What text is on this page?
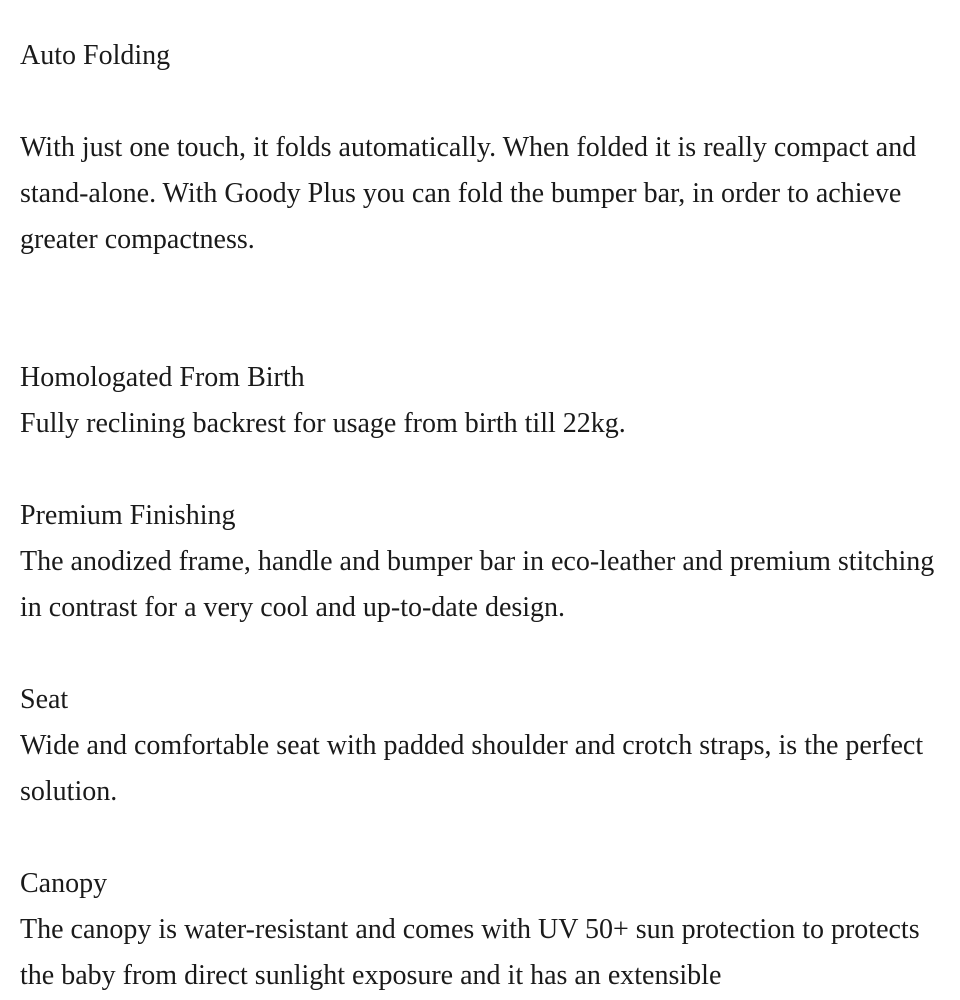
Auto Folding
With just one touch, it folds automatically. When folded it is really compact and stand-alone. With Goody Plus you can fold the bumper bar, in order to achieve greater compactness.
Homologated From Birth
Fully reclining backrest for usage from birth till 22kg.
Premium Finishing
The anodized frame, handle and bumper bar in eco-leather and premium stitching in contrast for a very cool and up-to-date design.
Seat
Wide and comfortable seat with padded shoulder and crotch straps, is the perfect solution.
Canopy
The canopy is water-resistant and comes with UV 50+ sun protection to protects the baby from direct sunlight exposure and it has an extensible
